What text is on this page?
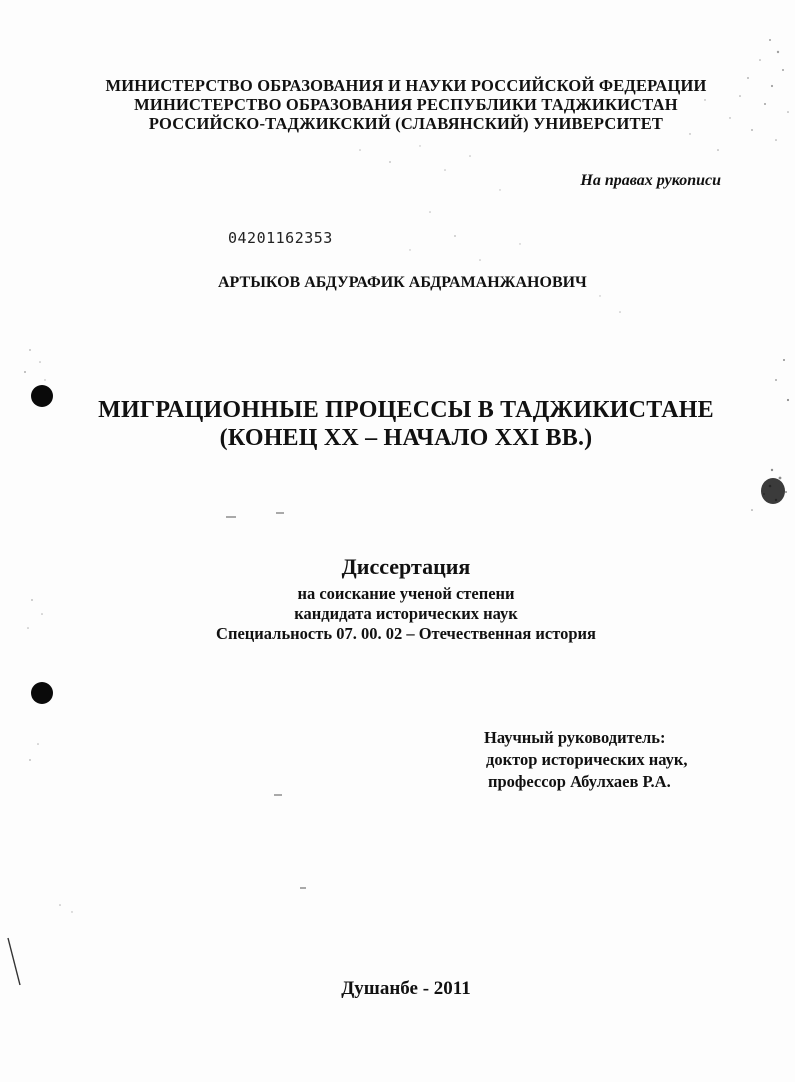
МИНИСТЕРСТВО ОБРАЗОВАНИЯ И НАУКИ РОССИЙСКОЙ ФЕДЕРАЦИИ
МИНИСТЕРСТВО ОБРАЗОВАНИЯ РЕСПУБЛИКИ ТАДЖИКИСТАН
РОССИЙСКО-ТАДЖИКСКИЙ (СЛАВЯНСКИЙ) УНИВЕРСИТЕТ
На правах рукописи
04201162353
АРТЫКОВ АБДУРАФИК АБДРАМАНЖАНОВИЧ
МИГРАЦИОННЫЕ ПРОЦЕССЫ В ТАДЖИКИСТАНЕ
(КОНЕЦ XX – НАЧАЛО XXI ВВ.)
Диссертация
на соискание ученой степени
кандидата исторических наук
Специальность 07. 00. 02 – Отечественная история
Научный руководитель:
доктор исторических наук,
профессор Абулхаев Р.А.
Душанбе - 2011
